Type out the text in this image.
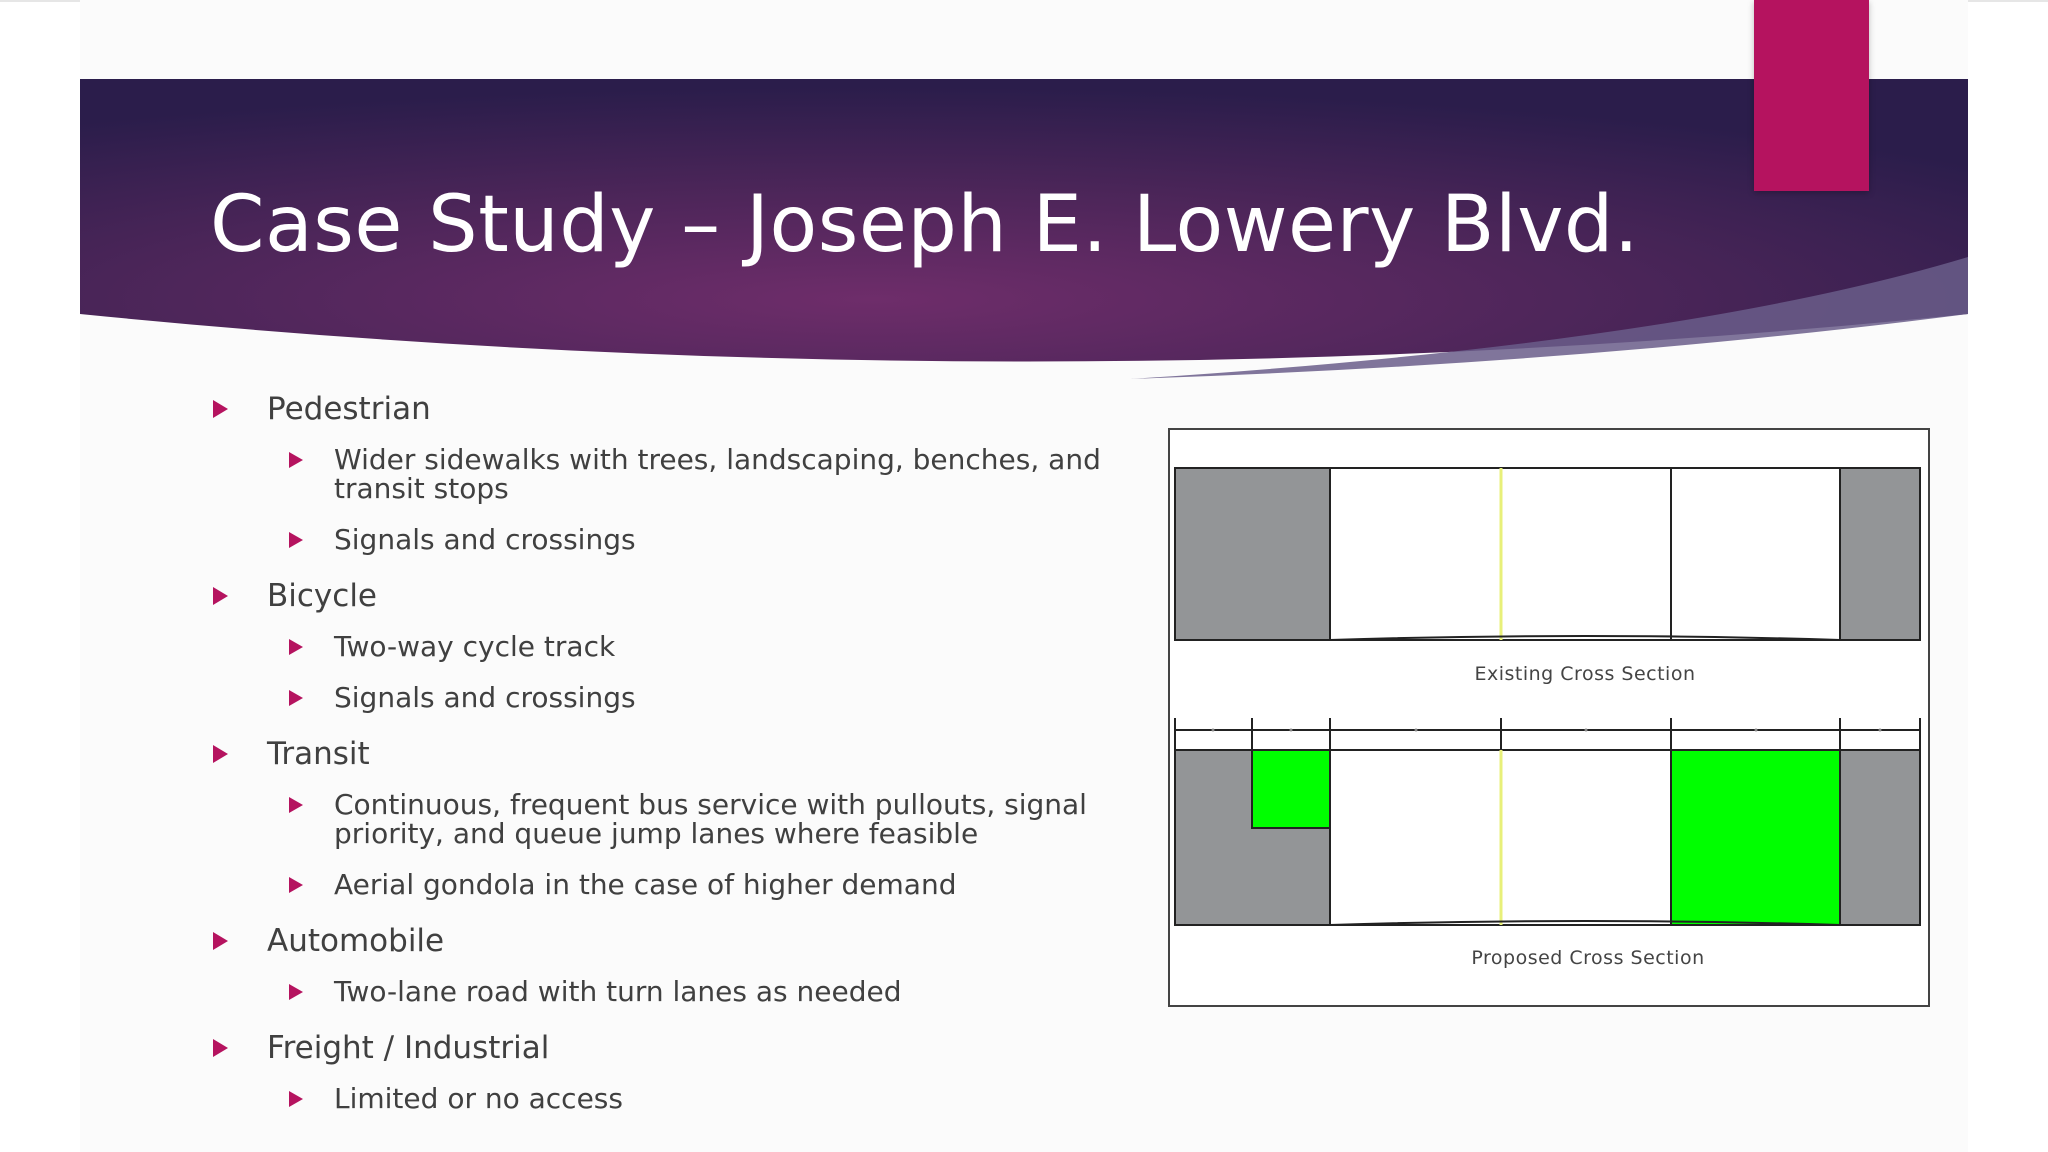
Case Study – Joseph E. Lowery Blvd.
Pedestrian
Wider sidewalks with trees, landscaping, benches, and
transit stops
Signals and crossings
Bicycle
Two-way cycle track
Signals and crossings
Transit
Continuous, frequent bus service with pullouts, signal
priority, and queue jump lanes where feasible
Aerial gondola in the case of higher demand
Automobile
Two-lane road with turn lanes as needed
Freight / Industrial
Limited or no access
Existing Cross Section
Proposed Cross Section
